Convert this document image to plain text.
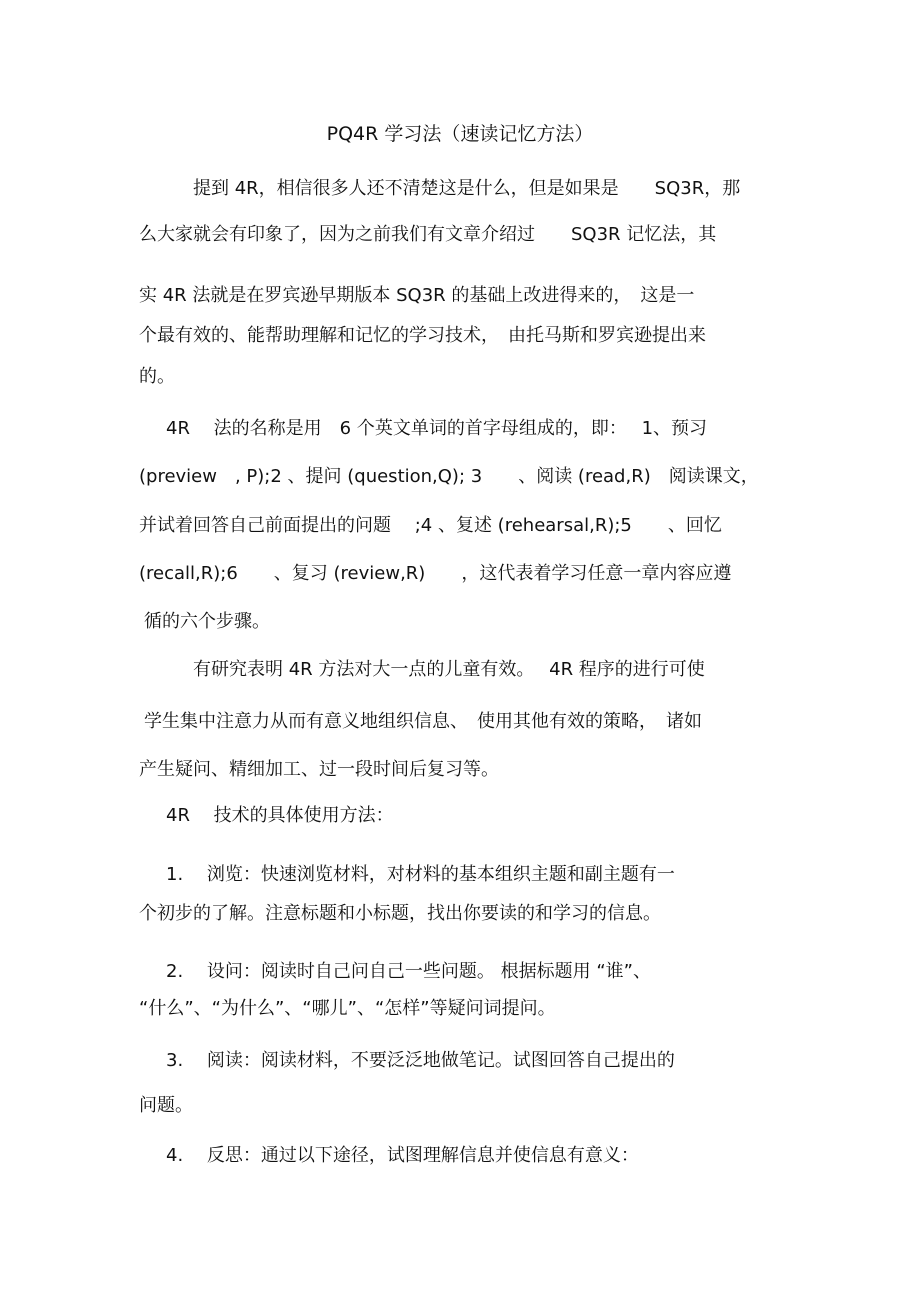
PQ4R 学习法（速读记忆方法）
提到 4R，相信很多人还不清楚这是什么，但是如果是　　SQ3R，那
么大家就会有印象了，因为之前我们有文章介绍过　　SQ3R 记忆法，其
实 4R 法就是在罗宾逊早期版本 SQ3R 的基础上改进得来的，　这是一
个最有效的、能帮助理解和记忆的学习技术，　由托马斯和罗宾逊提出来
的。
4R　 法的名称是用　6 个英文单词的首字母组成的，即：　 1、预习
(preview　, P);2 、提问 (question,Q); 3　　、阅读 (read,R)　阅读课文，
并试着回答自己前面提出的问题　 ;4 、复述 (rehearsal,R);5　　、回忆
(recall,R);6　　、复习 (review,R)　　，这代表着学习任意一章内容应遵
循的六个步骤。
有研究表明 4R 方法对大一点的儿童有效。　 4R 程序的进行可使
学生集中注意力从而有意义地组织信息、　使用其他有效的策略，　诸如
产生疑问、精细加工、过一段时间后复习等。
4R　 技术的具体使用方法：
1.　 浏览：快速浏览材料，对材料的基本组织主题和副主题有一
个初步的了解。注意标题和小标题，找出你要读的和学习的信息。
2.　 设问：阅读时自己问自己一些问题。 根据标题用 “谁”、
“什么”、“为什么”、“哪儿”、“怎样”等疑问词提问。
3.　 阅读：阅读材料，不要泛泛地做笔记。试图回答自己提出的
问题。
4.　 反思：通过以下途径，试图理解信息并使信息有意义：
